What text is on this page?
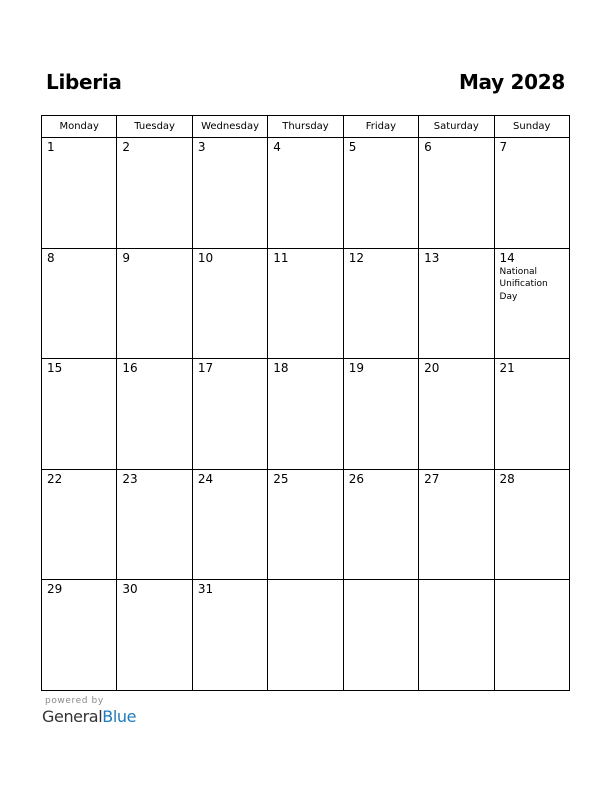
Liberia	May 2028
Monday	Tuesday	Wednesday	Thursday	Friday	Saturday	Sunday

1	2	3	4	5	6	7

8	9	10	11	12	13	14
National
Unification
Day

15	16	17	18	19	20	21

22	23	24	25	26	27	28

29	30	31				

powered by
GeneralBlue
